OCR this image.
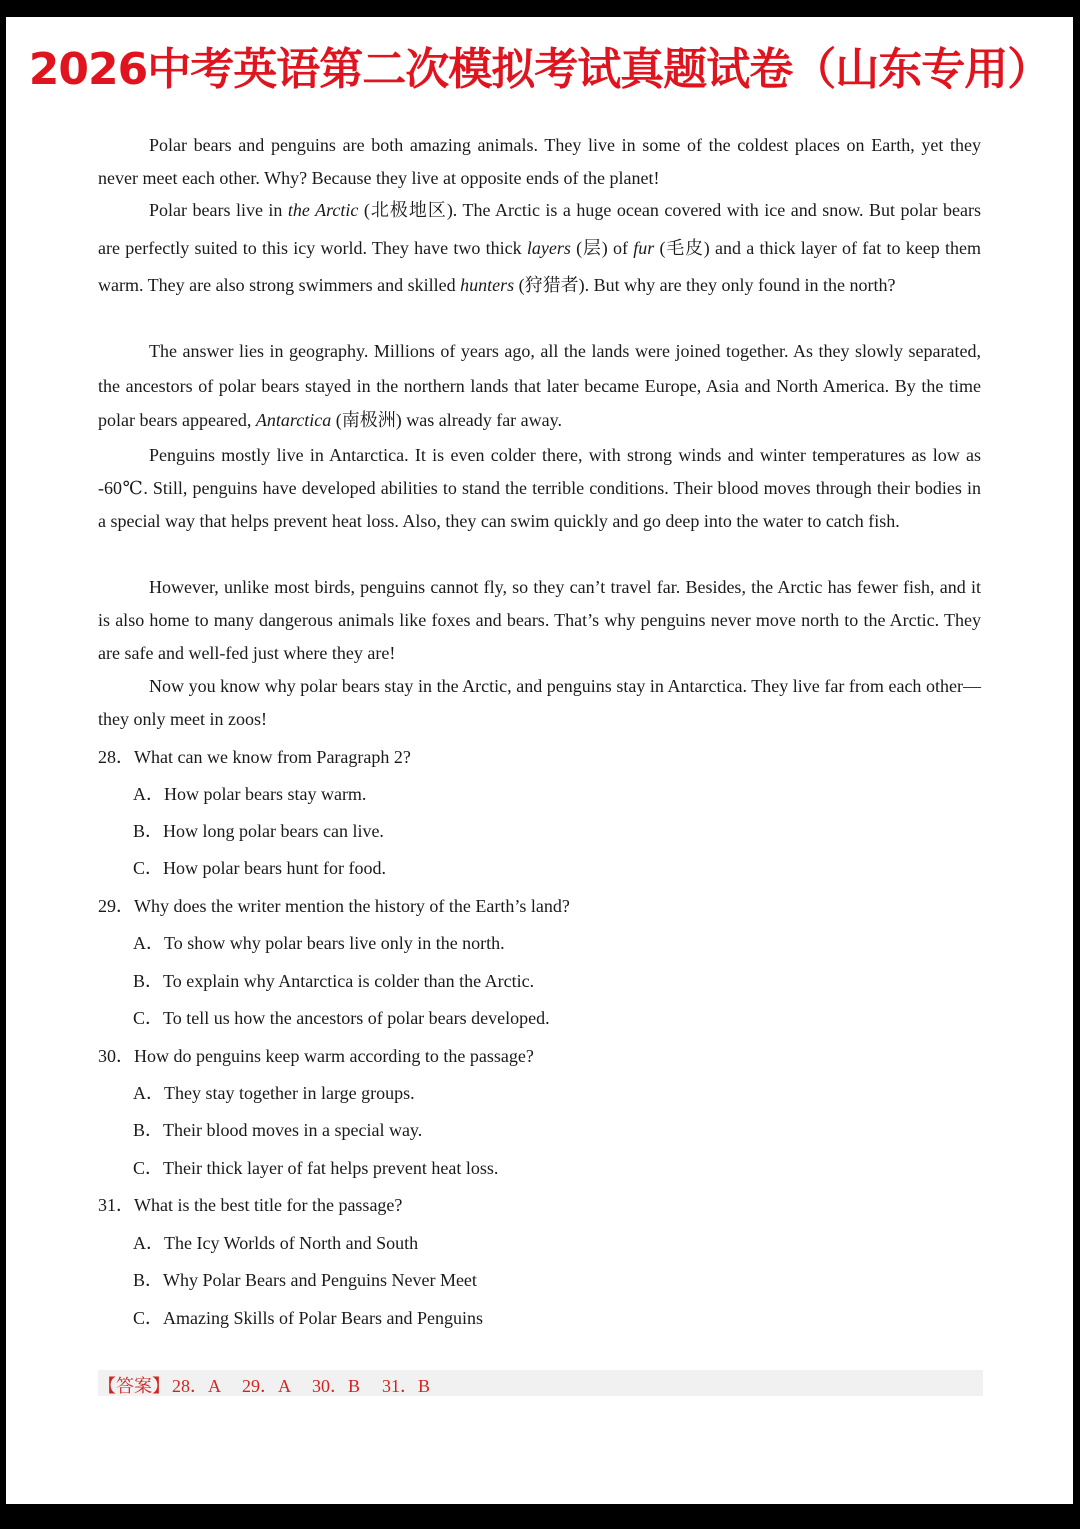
2026中考英语第二次模拟考试真题试卷（山东专用）

Polar bears and penguins are both amazing animals. They live in some of the coldest places on Earth, yet they never meet each other. Why? Because they live at opposite ends of the planet!

Polar bears live in the Arctic (北极地区). The Arctic is a huge ocean covered with ice and snow. But polar bears are perfectly suited to this icy world. They have two thick layers (层) of fur (毛皮) and a thick layer of fat to keep them warm. They are also strong swimmers and skilled hunters (狩猎者). But why are they only found in the north?

The answer lies in geography. Millions of years ago, all the lands were joined together. As they slowly separated, the ancestors of polar bears stayed in the northern lands that later became Europe, Asia and North America. By the time polar bears appeared, Antarctica (南极洲) was already far away.

Penguins mostly live in Antarctica. It is even colder there, with strong winds and winter temperatures as low as -60℃. Still, penguins have developed abilities to stand the terrible conditions. Their blood moves through their bodies in a special way that helps prevent heat loss. Also, they can swim quickly and go deep into the water to catch fish.

However, unlike most birds, penguins cannot fly, so they can’t travel far. Besides, the Arctic has fewer fish, and it is also home to many dangerous animals like foxes and bears. That’s why penguins never move north to the Arctic. They are safe and well-fed just where they are!

Now you know why polar bears stay in the Arctic, and penguins stay in Antarctica. They live far from each other—they only meet in zoos!

28．What can we know from Paragraph 2?
A．How polar bears stay warm.
B．How long polar bears can live.
C．How polar bears hunt for food.
29．Why does the writer mention the history of the Earth’s land?
A．To show why polar bears live only in the north.
B．To explain why Antarctica is colder than the Arctic.
C．To tell us how the ancestors of polar bears developed.
30．How do penguins keep warm according to the passage?
A．They stay together in large groups.
B．Their blood moves in a special way.
C．Their thick layer of fat helps prevent heat loss.
31．What is the best title for the passage?
A．The Icy Worlds of North and South
B．Why Polar Bears and Penguins Never Meet
C．Amazing Skills of Polar Bears and Penguins
【答案】 28．A 29．A 30．B 31．B
